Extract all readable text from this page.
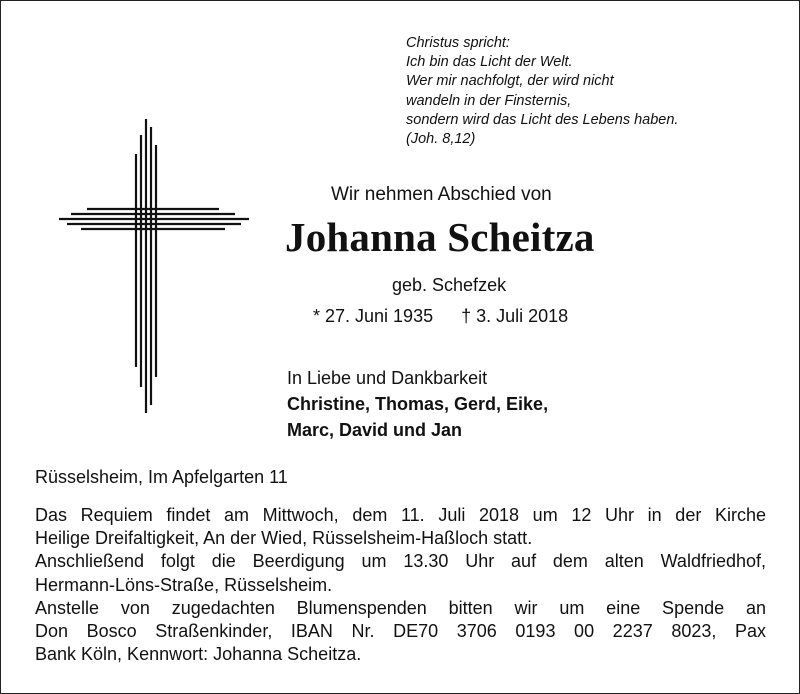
Christus spricht:
Ich bin das Licht der Welt.
Wer mir nachfolgt, der wird nicht
wandeln in der Finsternis,
sondern wird das Licht des Lebens haben.
(Joh. 8,12)
Wir nehmen Abschied von
Johanna Scheitza
geb. Schefzek
* 27. Juni 1935 † 3. Juli 2018
In Liebe und Dankbarkeit
Christine, Thomas, Gerd, Eike,
Marc, David und Jan
Rüsselsheim, Im Apfelgarten 11
Das Requiem findet am Mittwoch, dem 11. Juli 2018 um 12 Uhr in der Kirche
Heilige Dreifaltigkeit, An der Wied, Rüsselsheim-Haßloch statt.
Anschließend folgt die Beerdigung um 13.30 Uhr auf dem alten Waldfriedhof,
Hermann-Löns-Straße, Rüsselsheim.
Anstelle von zugedachten Blumenspenden bitten wir um eine Spende an
Don Bosco Straßenkinder, IBAN Nr. DE70 3706 0193 00 2237 8023, Pax
Bank Köln, Kennwort: Johanna Scheitza.
